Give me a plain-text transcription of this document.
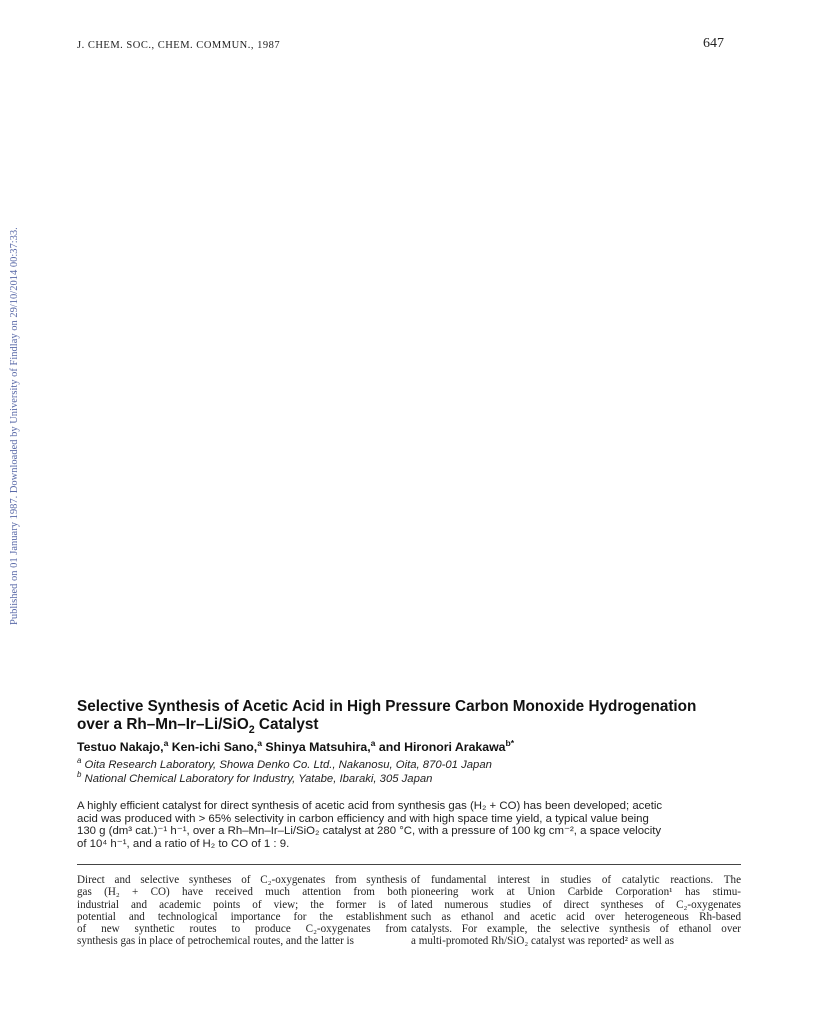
J. CHEM. SOC., CHEM. COMMUN., 1987	647
Published on 01 January 1987. Downloaded by University of Findlay on 29/10/2014 00:37:33.
Selective Synthesis of Acetic Acid in High Pressure Carbon Monoxide Hydrogenation
over a Rh–Mn–Ir–Li/SiO$_2$ Catalyst
Testuo Nakajo,$^a$ Ken-ichi Sano,$^a$ Shinya Matsuhira,$^a$ and Hironori Arakawa$^{b*}$
$^a$ Oita Research Laboratory, Showa Denko Co. Ltd., Nakanosu, Oita, 870-01 Japan
$^b$ National Chemical Laboratory for Industry, Yatabe, Ibaraki, 305 Japan
A highly efficient catalyst for direct synthesis of acetic acid from synthesis gas (H₂ + CO) has been developed; acetic
acid was produced with > 65% selectivity in carbon efficiency and with high space time yield, a typical value being
130 g (dm³ cat.)⁻¹ h⁻¹, over a Rh–Mn–Ir–Li/SiO₂ catalyst at 280 °C, with a pressure of 100 kg cm⁻², a space velocity
of 10⁴ h⁻¹, and a ratio of H₂ to CO of 1 : 9.
Direct and selective syntheses of C₂-oxygenates from synthesis
gas (H₂ + CO) have received much attention from both
industrial and academic points of view; the former is of
potential and technological importance for the establishment
of new synthetic routes to produce C₂-oxygenates from
synthesis gas in place of petrochemical routes, and the latter is
of fundamental interest in studies of catalytic reactions. The
pioneering work at Union Carbide Corporation¹ has stimu-
lated numerous studies of direct syntheses of C₂-oxygenates
such as ethanol and acetic acid over heterogeneous Rh-based
catalysts. For example, the selective synthesis of ethanol over
a multi-promoted Rh/SiO₂ catalyst was reported² as well as
